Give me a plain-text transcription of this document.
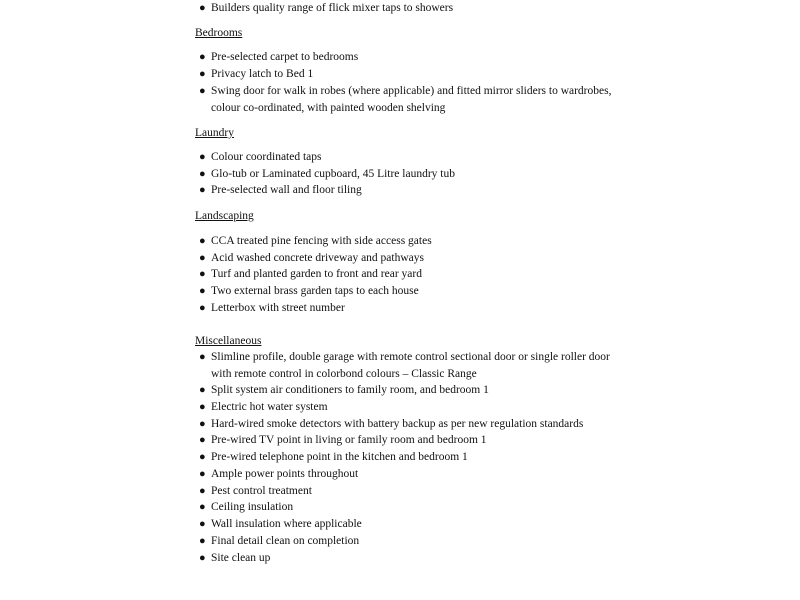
● Builders quality range of flick mixer taps to showers
Bedrooms
● Pre-selected carpet to bedrooms
● Privacy latch to Bed 1
● Swing door for walk in robes (where applicable) and fitted mirror sliders to wardrobes, colour co-ordinated, with painted wooden shelving
Laundry
● Colour coordinated taps
● Glo-tub or Laminated cupboard, 45 Litre laundry tub
● Pre-selected wall and floor tiling
Landscaping
● CCA treated pine fencing with side access gates
● Acid washed concrete driveway and pathways
● Turf and planted garden to front and rear yard
● Two external brass garden taps to each house
● Letterbox with street number
Miscellaneous
● Slimline profile, double garage with remote control sectional door or single roller door with remote control in colorbond colours – Classic Range
● Split system air conditioners to family room, and bedroom 1
● Electric hot water system
● Hard-wired smoke detectors with battery backup as per new regulation standards
● Pre-wired TV point in living or family room and bedroom 1
● Pre-wired telephone point in the kitchen and bedroom 1
● Ample power points throughout
● Pest control treatment
● Ceiling insulation
● Wall insulation where applicable
● Final detail clean on completion
● Site clean up
